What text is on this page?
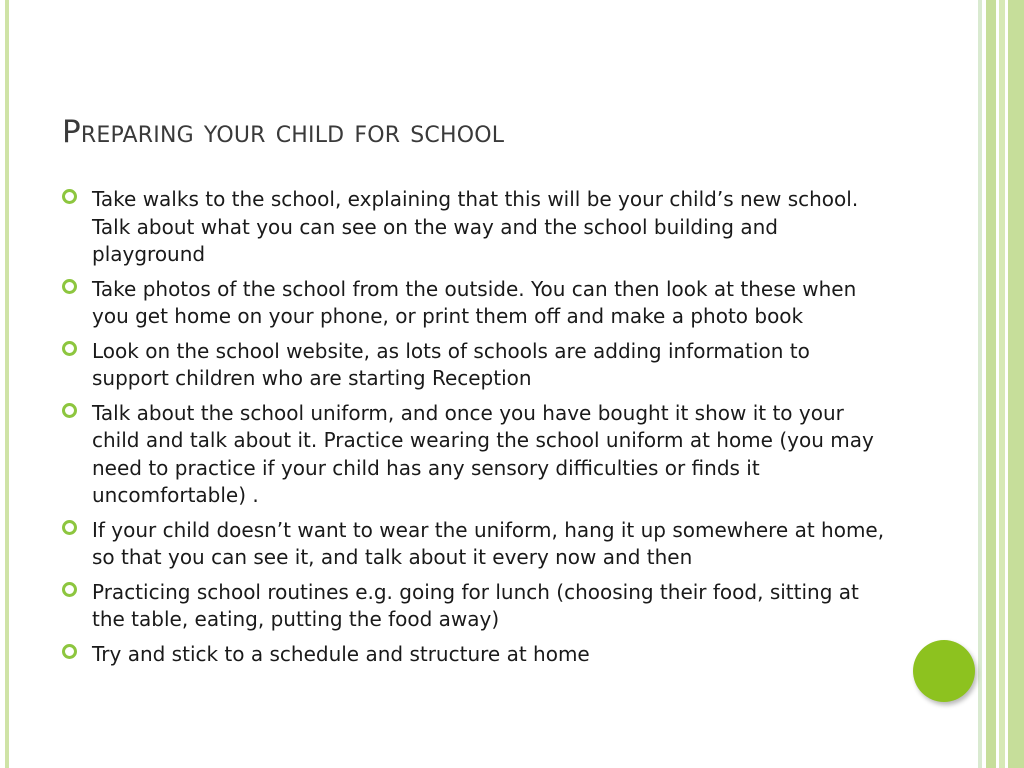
Preparing your child for school
Take walks to the school, explaining that this will be your child’s new school. Talk about what you can see on the way and the school building and playground
Take photos of the school from the outside. You can then look at these when you get home on your phone, or print them off and make a photo book
Look on the school website, as lots of schools are adding information to support children who are starting Reception
Talk about the school uniform, and once you have bought it show it to your child and talk about it. Practice wearing the school uniform at home (you may need to practice if your child has any sensory difficulties or finds it uncomfortable) .
If your child doesn’t want to wear the uniform, hang it up somewhere at home, so that you can see it, and talk about it every now and then
Practicing school routines e.g. going for lunch (choosing their food, sitting at the table, eating, putting the food away)
Try and stick to a schedule and structure at home
